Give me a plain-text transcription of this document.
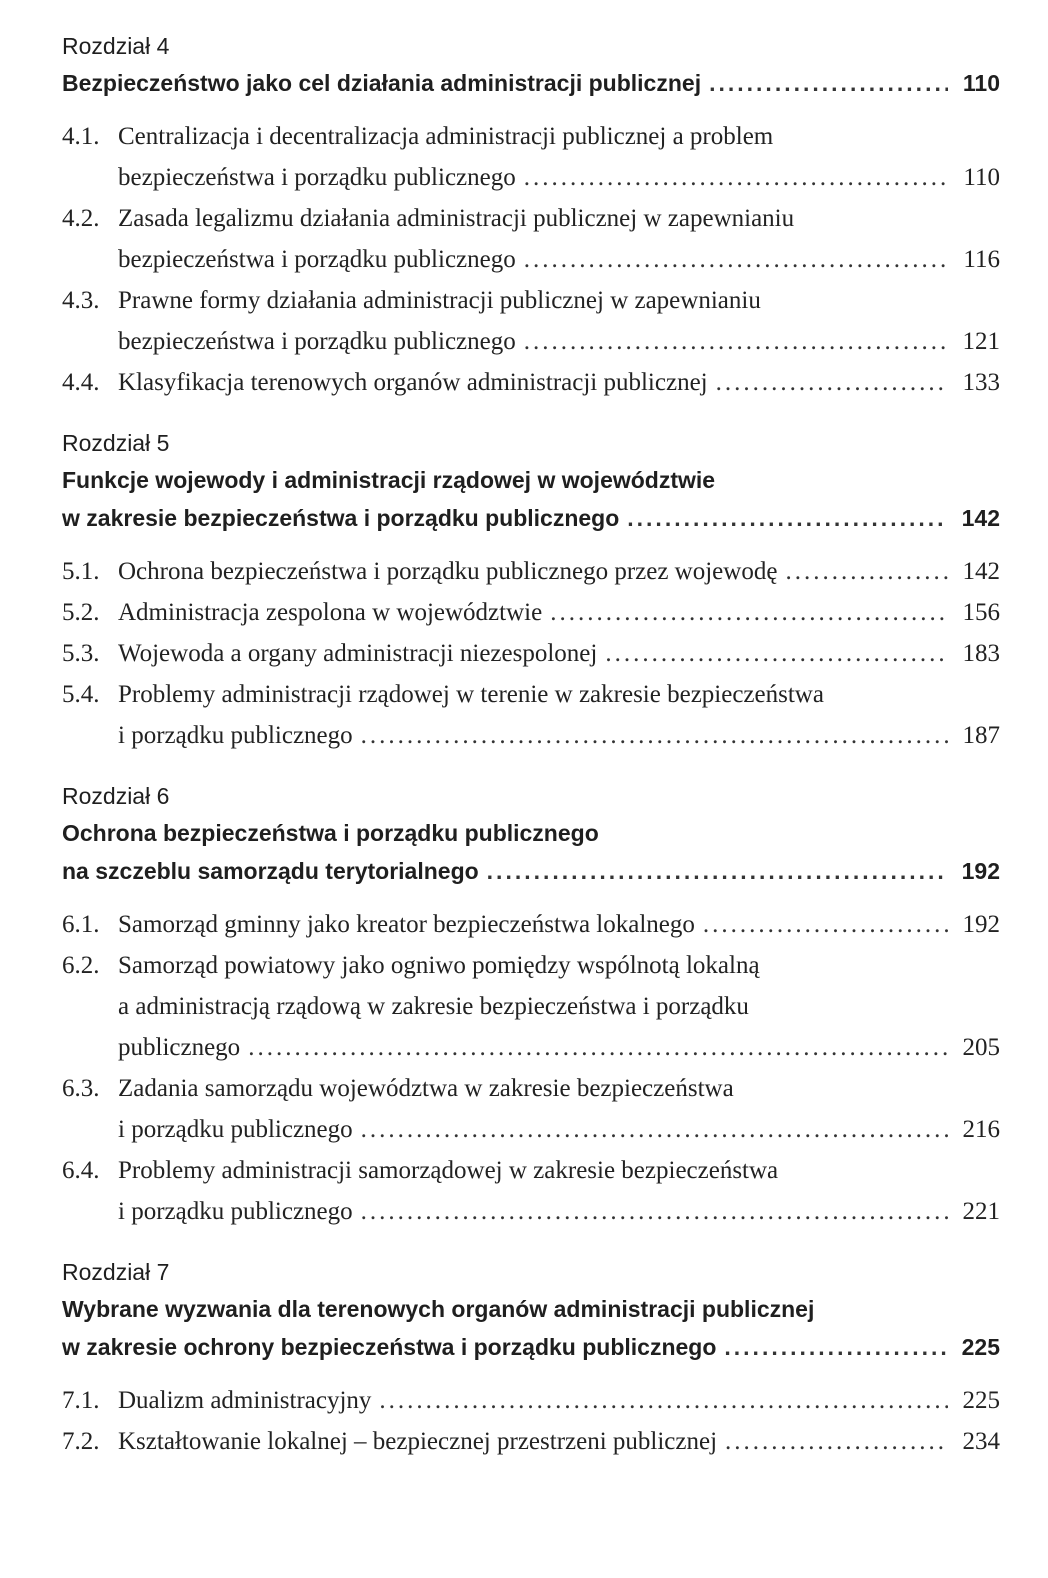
Rozdział 4
Bezpieczeństwo jako cel działania administracji publicznej .....	110
4.1. Centralizacja i decentralizacja administracji publicznej a problem
bezpieczeństwa i porządku publicznego .....	110
4.2. Zasada legalizmu działania administracji publicznej w zapewnianiu
bezpieczeństwa i porządku publicznego .....	116
4.3. Prawne formy działania administracji publicznej w zapewnianiu
bezpieczeństwa i porządku publicznego .....	121
4.4. Klasyfikacja terenowych organów administracji publicznej .....	133
Rozdział 5
Funkcje wojewody i administracji rządowej w województwie
w zakresie bezpieczeństwa i porządku publicznego .....	142
5.1. Ochrona bezpieczeństwa i porządku publicznego przez wojewodę .....	142
5.2. Administracja zespolona w województwie .....	156
5.3. Wojewoda a organy administracji niezespolonej .....	183
5.4. Problemy administracji rządowej w terenie w zakresie bezpieczeństwa
i porządku publicznego .....	187
Rozdział 6
Ochrona bezpieczeństwa i porządku publicznego
na szczeblu samorządu terytorialnego .....	192
6.1. Samorząd gminny jako kreator bezpieczeństwa lokalnego .....	192
6.2. Samorząd powiatowy jako ogniwo pomiędzy wspólnotą lokalną
a administracją rządową w zakresie bezpieczeństwa i porządku
publicznego .....	205
6.3. Zadania samorządu województwa w zakresie bezpieczeństwa
i porządku publicznego .....	216
6.4. Problemy administracji samorządowej w zakresie bezpieczeństwa
i porządku publicznego .....	221
Rozdział 7
Wybrane wyzwania dla terenowych organów administracji publicznej
w zakresie ochrony bezpieczeństwa i porządku publicznego .....	225
7.1. Dualizm administracyjny .....	225
7.2. Kształtowanie lokalnej – bezpiecznej przestrzeni publicznej .....	234
